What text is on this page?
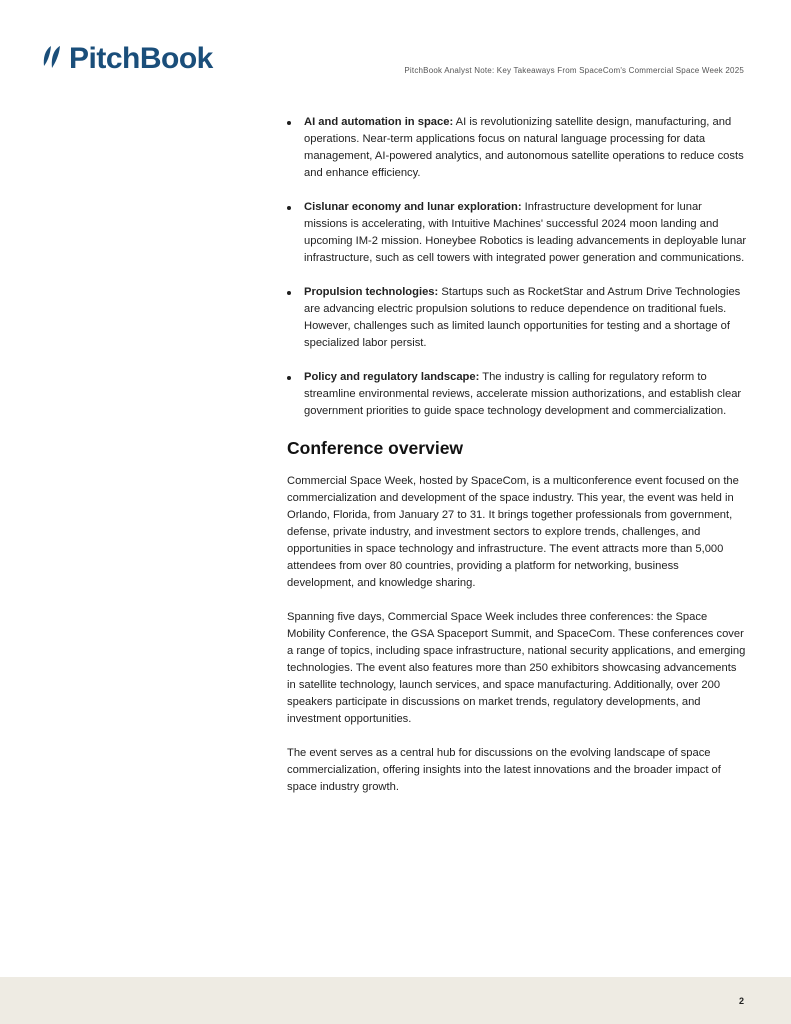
PitchBook	PitchBook Analyst Note: Key Takeaways From SpaceCom's Commercial Space Week 2025
AI and automation in space: AI is revolutionizing satellite design, manufacturing, and operations. Near-term applications focus on natural language processing for data management, AI-powered analytics, and autonomous satellite operations to reduce costs and enhance efficiency.
Cislunar economy and lunar exploration: Infrastructure development for lunar missions is accelerating, with Intuitive Machines' successful 2024 moon landing and upcoming IM-2 mission. Honeybee Robotics is leading advancements in deployable lunar infrastructure, such as cell towers with integrated power generation and communications.
Propulsion technologies: Startups such as RocketStar and Astrum Drive Technologies are advancing electric propulsion solutions to reduce dependence on traditional fuels. However, challenges such as limited launch opportunities for testing and a shortage of specialized labor persist.
Policy and regulatory landscape: The industry is calling for regulatory reform to streamline environmental reviews, accelerate mission authorizations, and establish clear government priorities to guide space technology development and commercialization.
Conference overview

Commercial Space Week, hosted by SpaceCom, is a multiconference event focused on the commercialization and development of the space industry. This year, the event was held in Orlando, Florida, from January 27 to 31. It brings together professionals from government, defense, private industry, and investment sectors to explore trends, challenges, and opportunities in space technology and infrastructure. The event attracts more than 5,000 attendees from over 80 countries, providing a platform for networking, business development, and knowledge sharing.

Spanning five days, Commercial Space Week includes three conferences: the Space Mobility Conference, the GSA Spaceport Summit, and SpaceCom. These conferences cover a range of topics, including space infrastructure, national security applications, and emerging technologies. The event also features more than 250 exhibitors showcasing advancements in satellite technology, launch services, and space manufacturing. Additionally, over 200 speakers participate in discussions on market trends, regulatory developments, and investment opportunities.

The event serves as a central hub for discussions on the evolving landscape of space commercialization, offering insights into the latest innovations and the broader impact of space industry growth.

2
